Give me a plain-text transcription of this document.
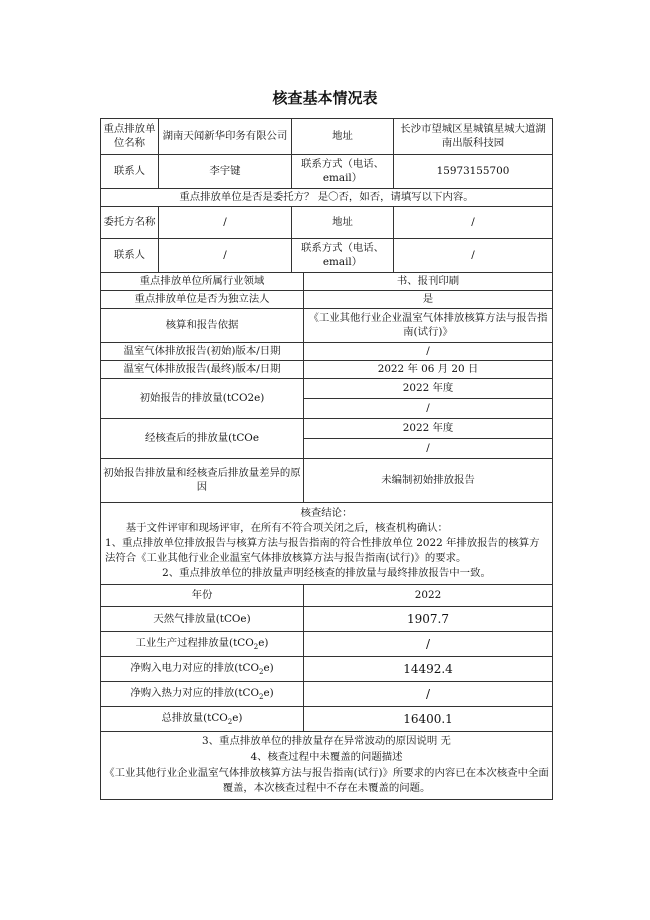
核查基本情况表
重点排放单位名称	湖南天闻新华印务有限公司	地址		长沙市望城区星城镇星城大道湖南出版科技园
联系人	李宇键	联系方式（电话、email）		15973155700
重点排放单位是否是委托方？ 是〇否，如否，请填写以下内容。				
委托方名称	/	地址		/
联系人	/	联系方式（电话、email）		/
重点排放单位所属行业领域			书、报刊印刷	
重点排放单位是否为独立法人			是	
核算和报告依据			《工业其他行业企业温室气体排放核算方法与报告指南(试行)》	
温室气体排放报告(初始)版本/日期			/	
温室气体排放报告(最终)版本/日期			2022 年 06 月 20 日	
初始报告的排放量(tCO2e)			2022 年度	
			/	
经核查后的排放量(tCOe			2022 年度	
			/	
初始报告排放量和经核查后排放量差异的原因			未编制初始排放报告	

核查结论：
基于文件评审和现场评审，在所有不符合项关闭之后，核查机构确认：
1、重点排放单位排放报告与核算方法与报告指南的符合性排放单位 2022 年排放报告的核算方法符合《工业其他行业企业温室气体排放核算方法与报告指南(试行)》的要求。
2、重点排放单位的排放量声明经核查的排放量与最终排放报告中一致。				

年份			2022	
天然气排放量(tCOe)			1907.7	
工业生产过程排放量(tCO$_2$e)			/	
净购入电力对应的排放(tCO$_2$e)			14492.4	
净购入热力对应的排放(tCO$_2$e)			/	
总排放量(tCO$_2$e)			16400.1	

3、重点排放单位的排放量存在异常波动的原因说明 无
4、核查过程中未覆盖的问题描述
《工业其他行业企业温室气体排放核算方法与报告指南(试行)》所要求的内容已在本次核查中全面覆盖，本次核查过程中不存在未覆盖的问题。				
